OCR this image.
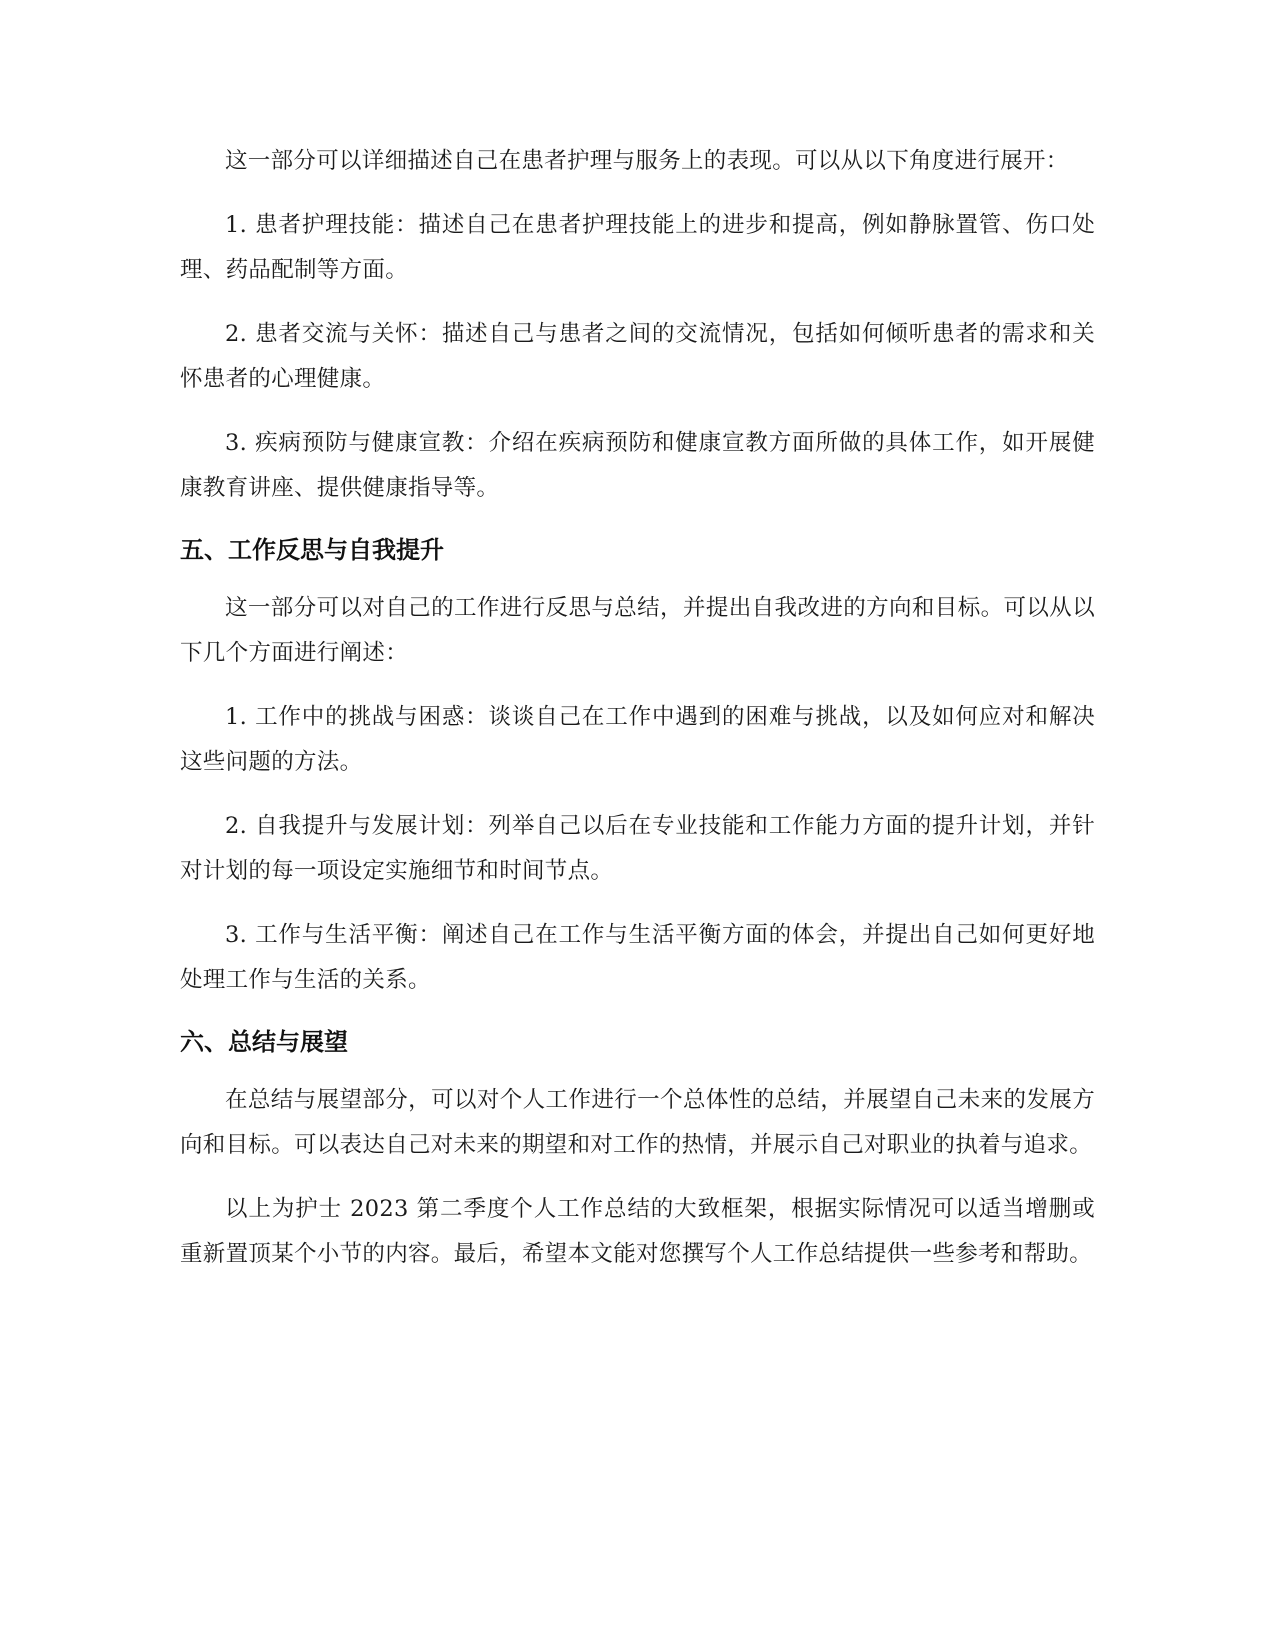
这一部分可以详细描述自己在患者护理与服务上的表现。可以从以下角度进行展开：

1. 患者护理技能：描述自己在患者护理技能上的进步和提高，例如静脉置管、伤口处理、药品配制等方面。

2. 患者交流与关怀：描述自己与患者之间的交流情况，包括如何倾听患者的需求和关怀患者的心理健康。

3. 疾病预防与健康宣教：介绍在疾病预防和健康宣教方面所做的具体工作，如开展健康教育讲座、提供健康指导等。

五、工作反思与自我提升

这一部分可以对自己的工作进行反思与总结，并提出自我改进的方向和目标。可以从以下几个方面进行阐述：

1. 工作中的挑战与困惑：谈谈自己在工作中遇到的困难与挑战，以及如何应对和解决这些问题的方法。

2. 自我提升与发展计划：列举自己以后在专业技能和工作能力方面的提升计划，并针对计划的每一项设定实施细节和时间节点。

3. 工作与生活平衡：阐述自己在工作与生活平衡方面的体会，并提出自己如何更好地处理工作与生活的关系。

六、总结与展望

在总结与展望部分，可以对个人工作进行一个总体性的总结，并展望自己未来的发展方向和目标。可以表达自己对未来的期望和对工作的热情，并展示自己对职业的执着与追求。

以上为护士 2023 第二季度个人工作总结的大致框架，根据实际情况可以适当增删或重新置顶某个小节的内容。最后，希望本文能对您撰写个人工作总结提供一些参考和帮助。
